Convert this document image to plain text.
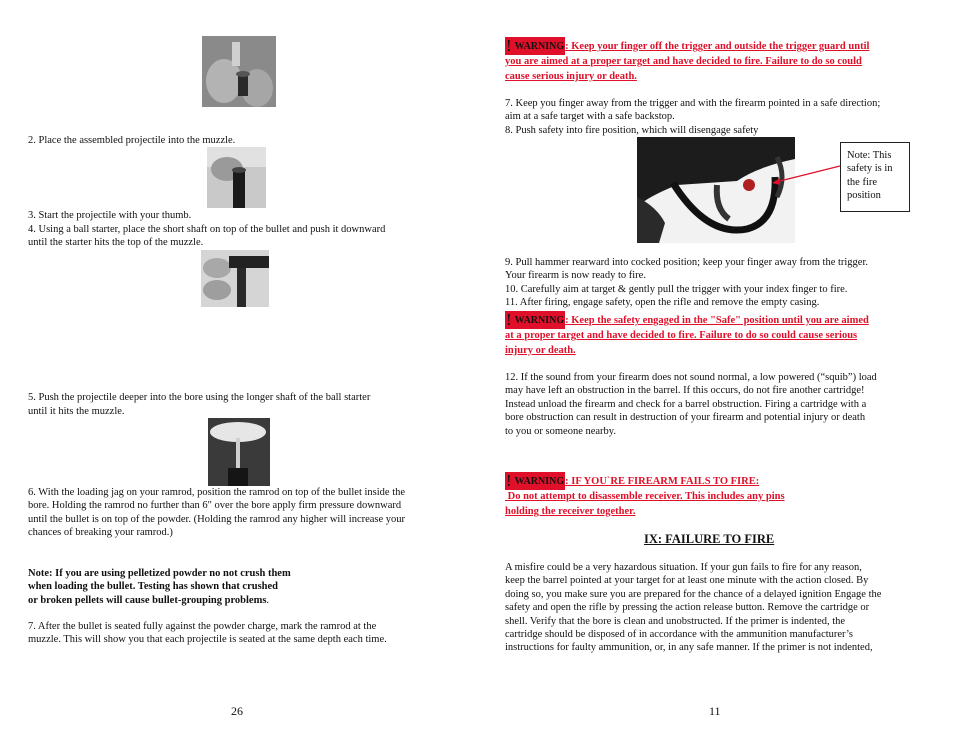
2. Place the assembled projectile into the muzzle.

3. Start the projectile with your thumb.

4. Using a ball starter, place the short shaft on top of the bullet and push it downward

until the starter hits the top of the muzzle.

5. Push the projectile deeper into the bore using the longer shaft of the ball starter

until it hits the muzzle.

6. With the loading jag on your ramrod, position the ramrod on top of the bullet inside the

bore. Holding the ramrod no further than 6" over the bore apply firm pressure downward

until the bullet is on top of the powder. (Holding the ramrod any higher will increase your

chances of breaking your ramrod.)

Note: If you are using pelletized powder no not crush them

when loading the bullet. Testing has shown that crushed

or broken pellets will cause bullet-grouping problems.

7. After the bullet is seated fully against the powder charge, mark the ramrod at the

muzzle. This will show you that each projectile is seated at the same depth each time.

26
! WARNING: Keep your finger off the trigger and outside the trigger guard until
you are aimed at a proper target and have decided to fire. Failure to do so could
cause serious injury or death.

7. Keep you finger away from the trigger and with the firearm pointed in a safe direction;

aim at a safe target with a safe backstop.

8. Push safety into fire position, which will disengage safety

Note: This

safety is in

the fire

position

9. Pull hammer rearward into cocked position; keep your finger away from the trigger.

Your firearm is now ready to fire.

10. Carefully aim at target & gently pull the trigger with your index finger to fire.

11. After firing, engage safety, open the rifle and remove the empty casing.

! WARNING: Keep the safety engaged in the "Safe" position until you are aimed
at a proper target and have decided to fire. Failure to do so could cause serious
injury or death.

12. If the sound from your firearm does not sound normal, a low powered (“squib”) load

may have left an obstruction in the barrel. If this occurs, do not fire another cartridge!

Instead unload the firearm and check for a barrel obstruction. Firing a cartridge with a

bore obstruction can result in destruction of your firearm and potential injury or death

to you or someone nearby.

! WARNING: IF YOU`RE FIREARM FAILS TO FIRE:
Do not attempt to disassemble receiver. This includes any pins
holding the receiver together.
IX: FAILURE TO FIRE

A misfire could be a very hazardous situation. If your gun fails to fire for any reason,

keep the barrel pointed at your target for at least one minute with the action closed. By

doing so, you make sure you are prepared for the chance of a delayed ignition Engage the

safety and open the rifle by pressing the action release button. Remove the cartridge or

shell. Verify that the bore is clean and unobstructed. If the primer is indented, the

cartridge should be disposed of in accordance with the ammunition manufacturer’s

instructions for faulty ammunition, or, in any safe manner. If the primer is not indented,

11
